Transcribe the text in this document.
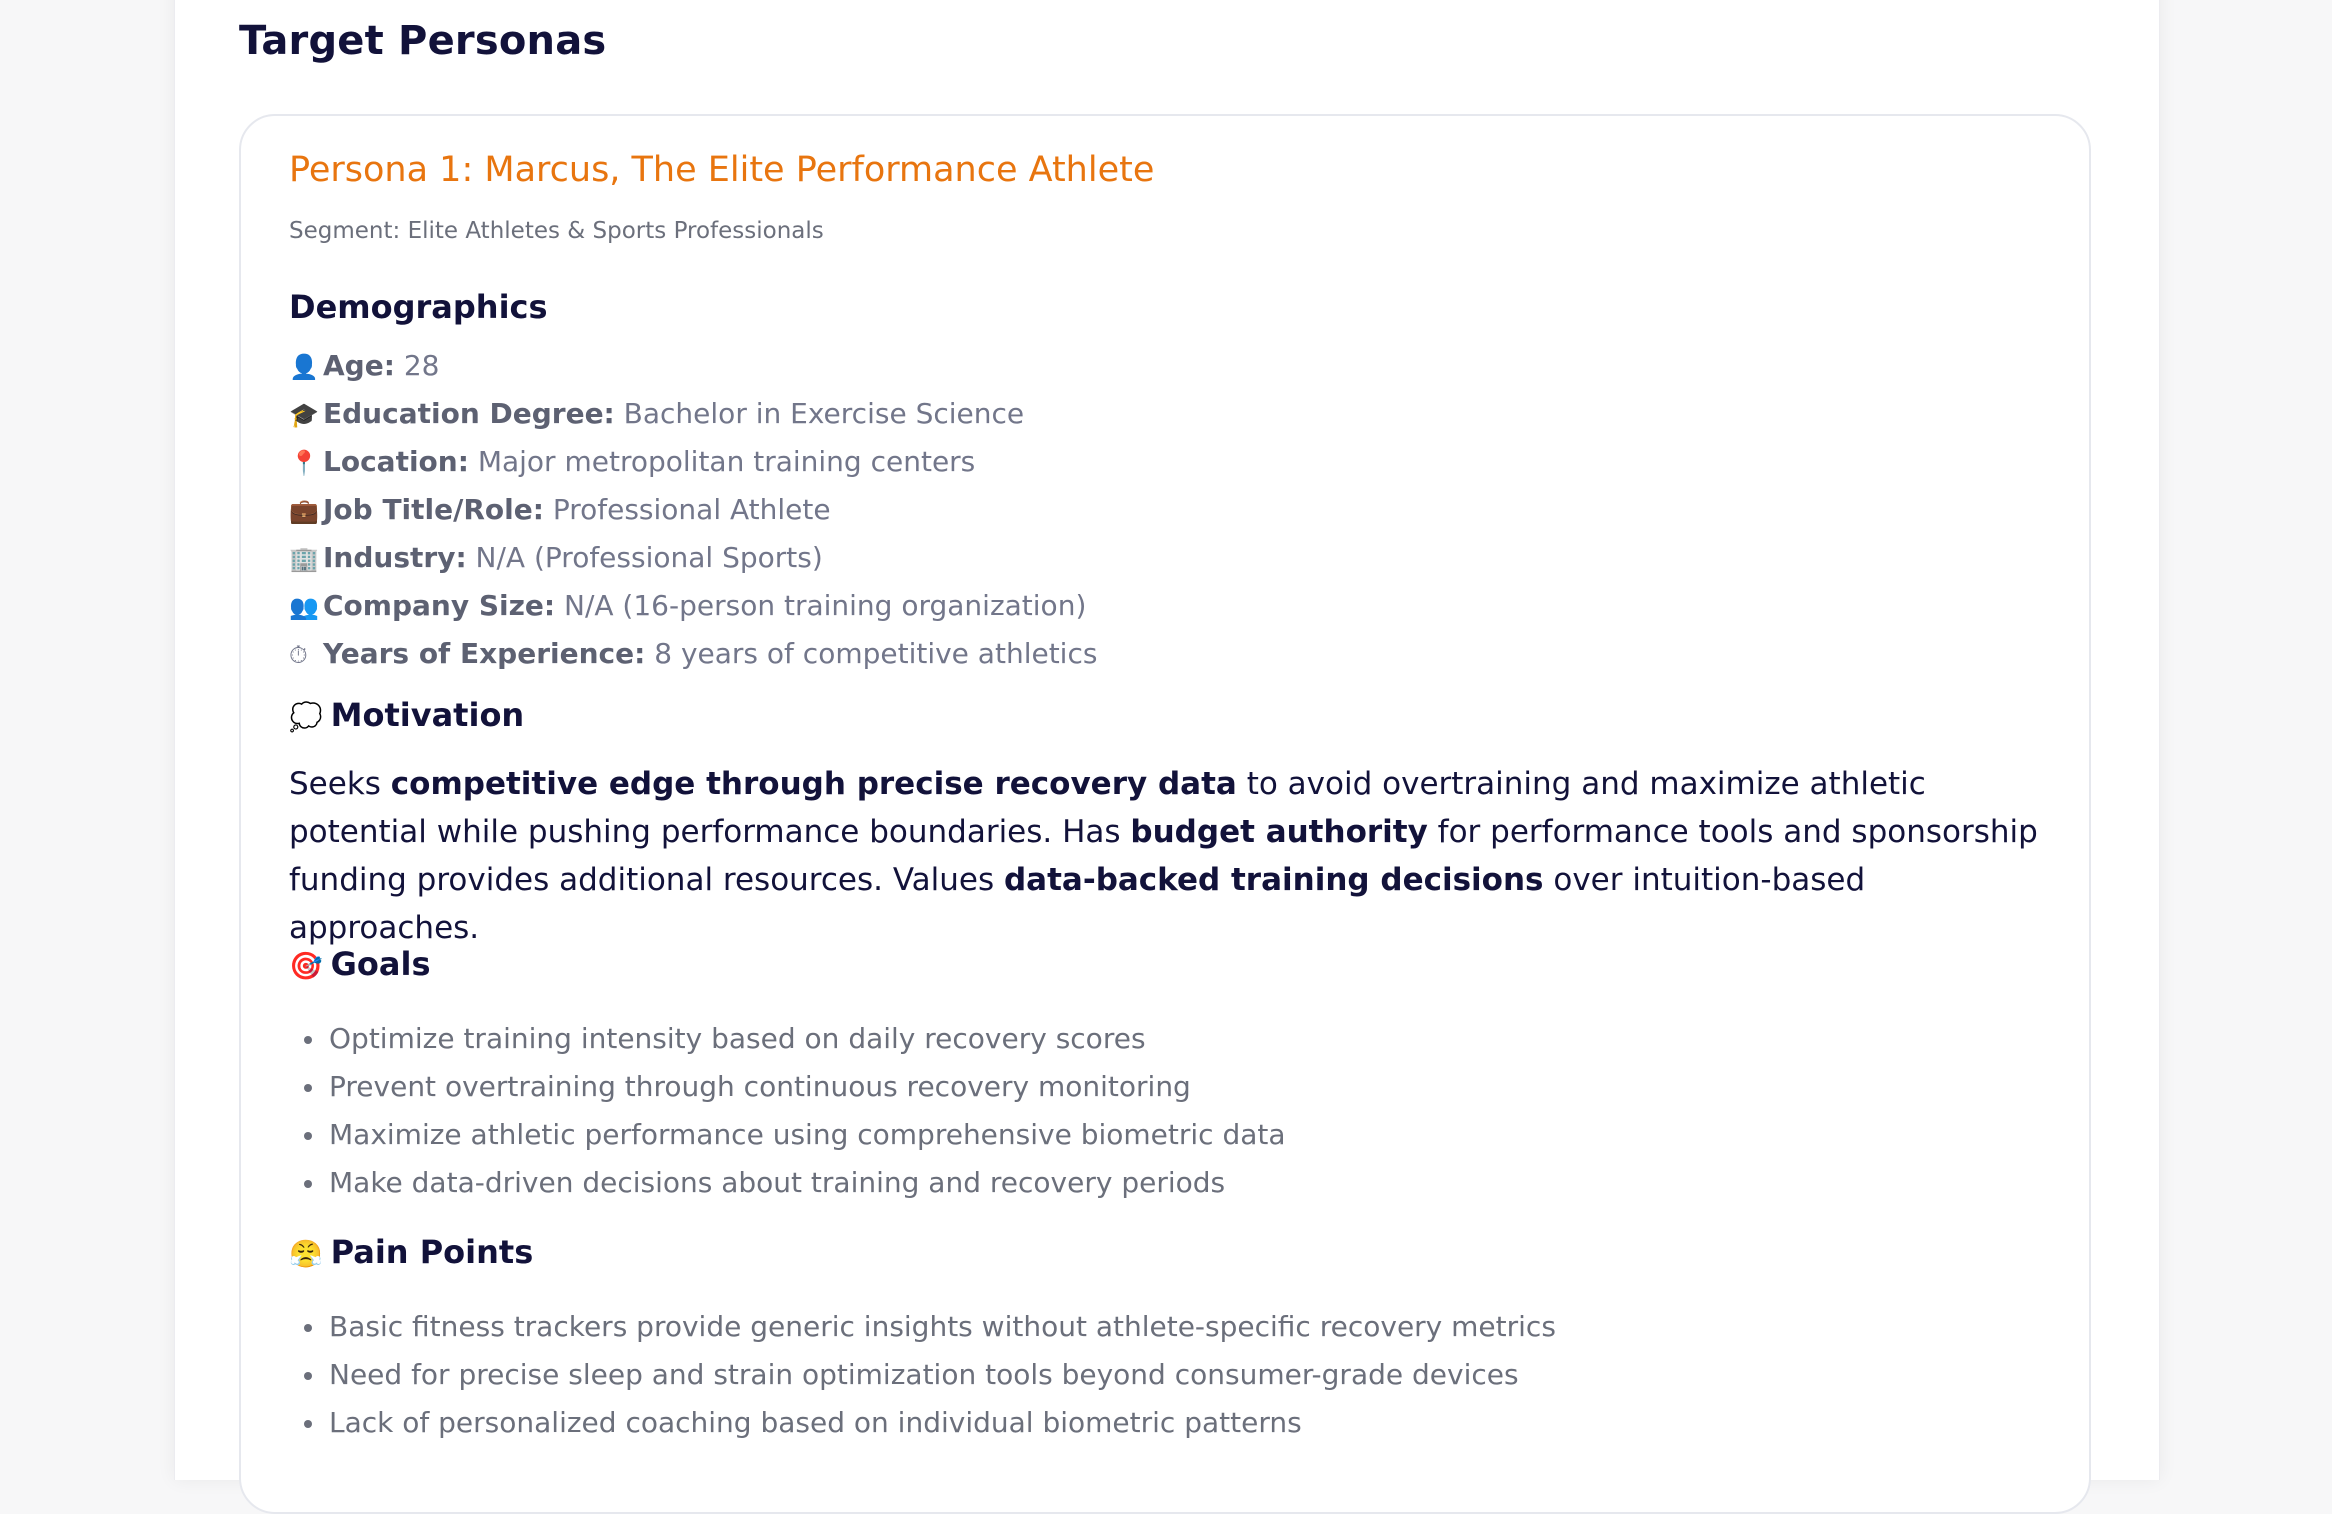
Target Personas
Persona 1: Marcus, The Elite Performance Athlete
Segment: Elite Athletes & Sports Professionals
Demographics
👤 Age: 28
🎓 Education Degree: Bachelor in Exercise Science
📍 Location: Major metropolitan training centers
💼 Job Title/Role: Professional Athlete
🏢 Industry: N/A (Professional Sports)
👥 Company Size: N/A (16-person training organization)
⏱ Years of Experience: 8 years of competitive athletics
💭 Motivation

Seeks competitive edge through precise recovery data to avoid overtraining and maximize athletic potential while pushing performance boundaries. Has budget authority for performance tools and sponsorship funding provides additional resources. Values data-backed training decisions over intuition-based approaches.

🎯 Goals
Optimize training intensity based on daily recovery scores
Prevent overtraining through continuous recovery monitoring
Maximize athletic performance using comprehensive biometric data
Make data-driven decisions about training and recovery periods
😤 Pain Points
Basic fitness trackers provide generic insights without athlete-specific recovery metrics
Need for precise sleep and strain optimization tools beyond consumer-grade devices
Lack of personalized coaching based on individual biometric patterns
